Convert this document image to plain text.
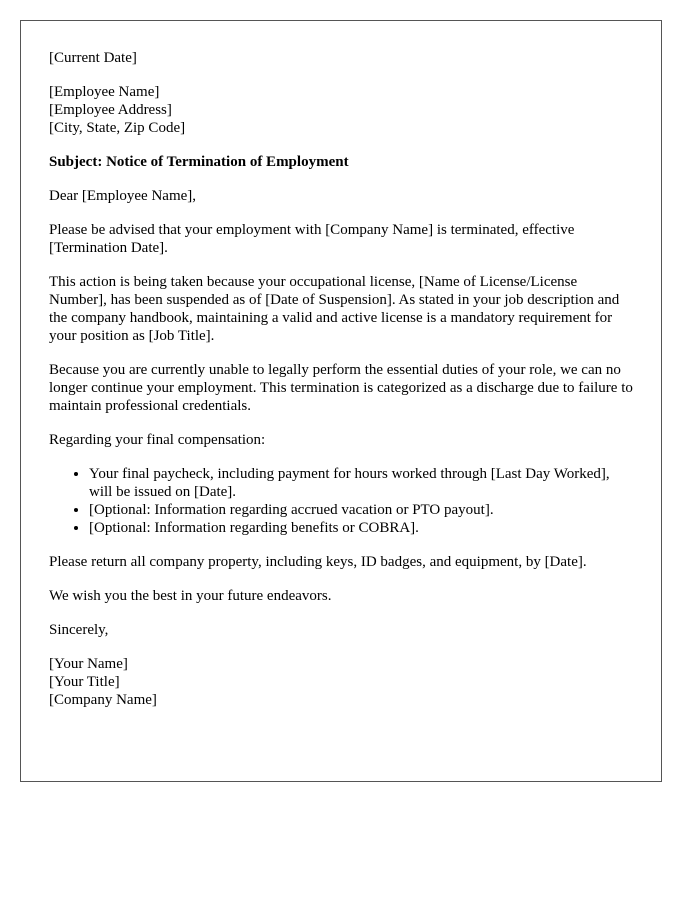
[Current Date]
[Employee Name]
[Employee Address]
[City, State, Zip Code]
Subject: Notice of Termination of Employment
Dear [Employee Name],
Please be advised that your employment with [Company Name] is terminated, effective [Termination Date].
This action is being taken because your occupational license, [Name of License/License Number], has been suspended as of [Date of Suspension]. As stated in your job description and the company handbook, maintaining a valid and active license is a mandatory requirement for your position as [Job Title].
Because you are currently unable to legally perform the essential duties of your role, we can no longer continue your employment. This termination is categorized as a discharge due to failure to maintain professional credentials.
Regarding your final compensation:
• Your final paycheck, including payment for hours worked through [Last Day Worked], will be issued on [Date].
• [Optional: Information regarding accrued vacation or PTO payout].
• [Optional: Information regarding benefits or COBRA].
Please return all company property, including keys, ID badges, and equipment, by [Date].
We wish you the best in your future endeavors.
Sincerely,
[Your Name]
[Your Title]
[Company Name]
